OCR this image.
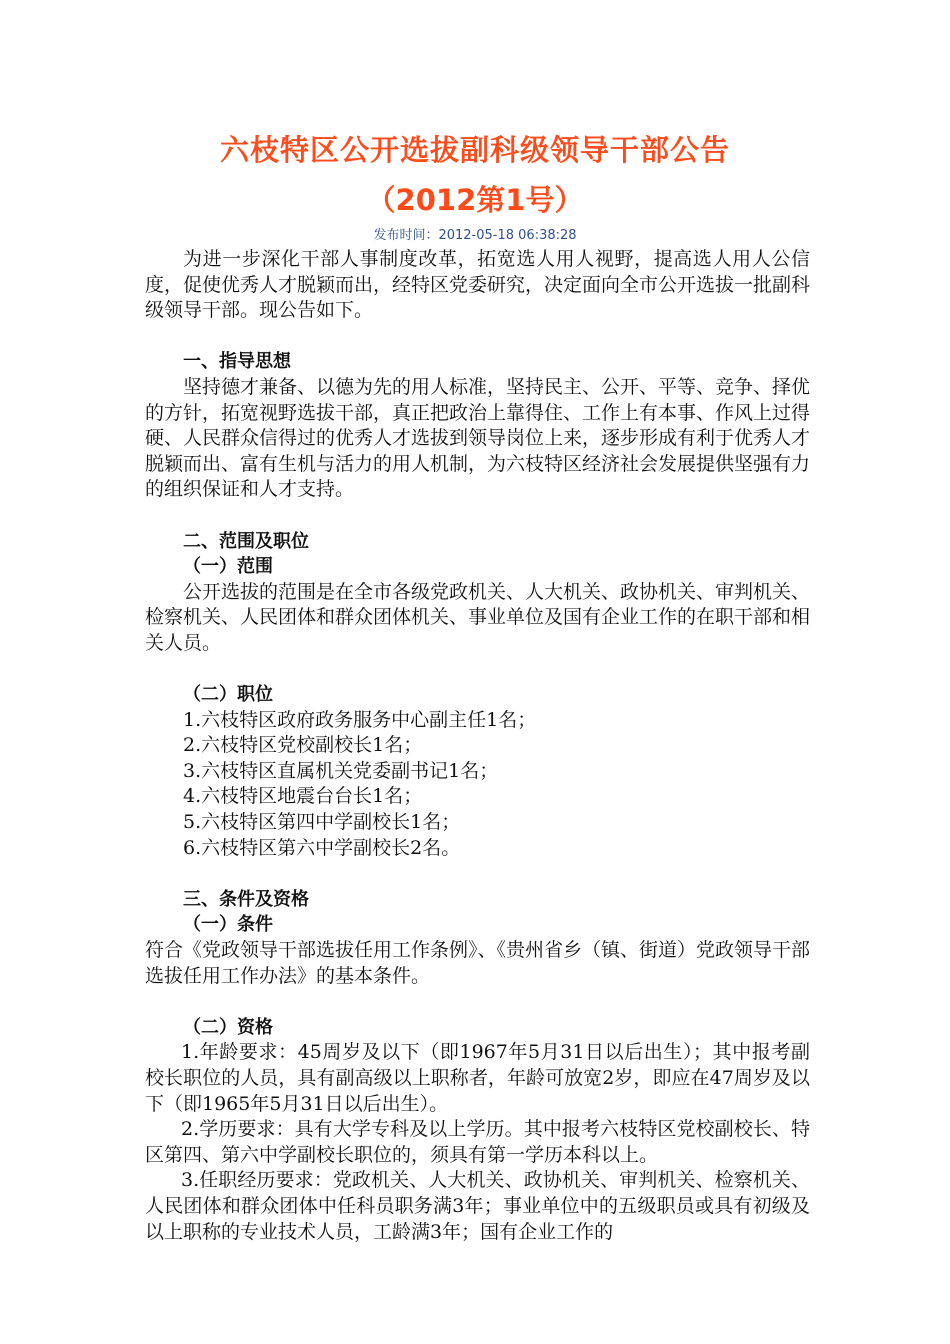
六枝特区公开选拔副科级领导干部公告
（2012第1号）
发布时间：2012-05-18 06:38:28

为进一步深化干部人事制度改革，拓宽选人用人视野，提高选人用人公信度，促使优秀人才脱颖而出，经特区党委研究，决定面向全市公开选拔一批副科级领导干部。现公告如下。

一、指导思想

坚持德才兼备、以德为先的用人标准，坚持民主、公开、平等、竞争、择优的方针，拓宽视野选拔干部，真正把政治上靠得住、工作上有本事、作风上过得硬、人民群众信得过的优秀人才选拔到领导岗位上来，逐步形成有利于优秀人才脱颖而出、富有生机与活力的用人机制，为六枝特区经济社会发展提供坚强有力的组织保证和人才支持。

二、范围及职位

（一）范围

公开选拔的范围是在全市各级党政机关、人大机关、政协机关、审判机关、检察机关、人民团体和群众团体机关、事业单位及国有企业工作的在职干部和相关人员。

（二）职位

1.六枝特区政府政务服务中心副主任1名；

2.六枝特区党校副校长1名；

3.六枝特区直属机关党委副书记1名；

4.六枝特区地震台台长1名；

5.六枝特区第四中学副校长1名；

6.六枝特区第六中学副校长2名。

三、条件及资格

（一）条件

符合《党政领导干部选拔任用工作条例》、《贵州省乡（镇、街道）党政领导干部选拔任用工作办法》的基本条件。

（二）资格

1.年龄要求：45周岁及以下（即1967年5月31日以后出生）；其中报考副校长职位的人员，具有副高级以上职称者，年龄可放宽2岁，即应在47周岁及以下（即1965年5月31日以后出生）。

2.学历要求：具有大学专科及以上学历。其中报考六枝特区党校副校长、特区第四、第六中学副校长职位的，须具有第一学历本科以上。

3.任职经历要求：党政机关、人大机关、政协机关、审判机关、检察机关、人民团体和群众团体中任科员职务满3年；事业单位中的五级职员或具有初级及以上职称的专业技术人员，工龄满3年；国有企业工作的
